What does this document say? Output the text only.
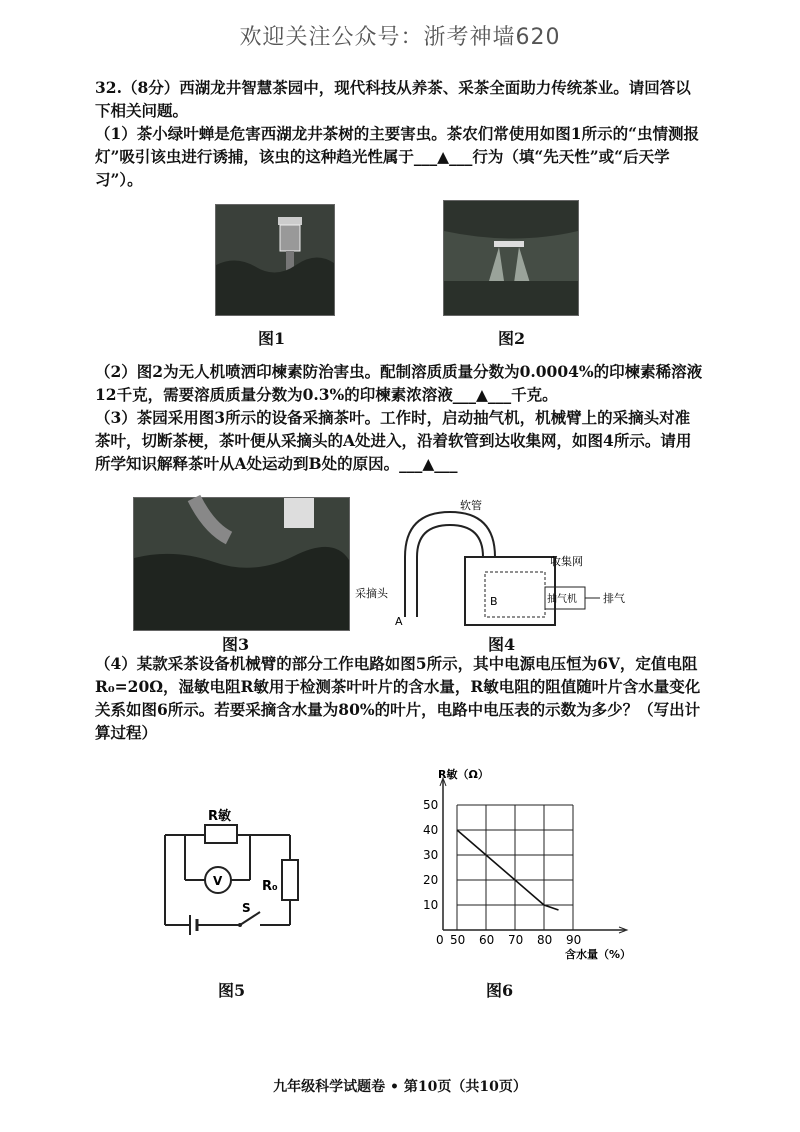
欢迎关注公众号：浙考神墙620
32.（8分）西湖龙井智慧茶园中，现代科技从养茶、采茶全面助力传统茶业。请回答以下相关问题。
（1）茶小绿叶蝉是危害西湖龙井茶树的主要害虫。茶农们常使用如图1所示的“虫情测报灯”吸引该虫进行诱捕，该虫的这种趋光性属于___▲___行为（填“先天性”或“后天学习”）。
图1	图2
（2）图2为无人机喷洒印楝素防治害虫。配制溶质质量分数为0.0004%的印楝素稀溶液12千克，需要溶质质量分数为0.3%的印楝素浓溶液___▲___千克。
（3）茶园采用图3所示的设备采摘茶叶。工作时，启动抽气机，机械臂上的采摘头对准茶叶，切断茶梗，茶叶便从采摘头的A处进入，沿着软管到达收集网，如图4所示。请用所学知识解释茶叶从A处运动到B处的原因。___▲___
软管
收集网
采摘头
A
B	抽气机 排气
图3	图4
（4）某款采茶设备机械臂的部分工作电路如图5所示，其中电源电压恒为6V，定值电阻R₀=20Ω，湿敏电阻R敏用于检测茶叶叶片的含水量，R敏电阻的阻值随叶片含水量变化关系如图6所示。若要采摘含水量为80%的叶片，电路中电压表的示数为多少？（写出计算过程）
R敏
R₀
V
S
0 50 60 70 80 90
10
20
30
40
50
R敏（Ω）
含水量（%）
图5	图6
九年级科学试题卷 • 第10页（共10页）
